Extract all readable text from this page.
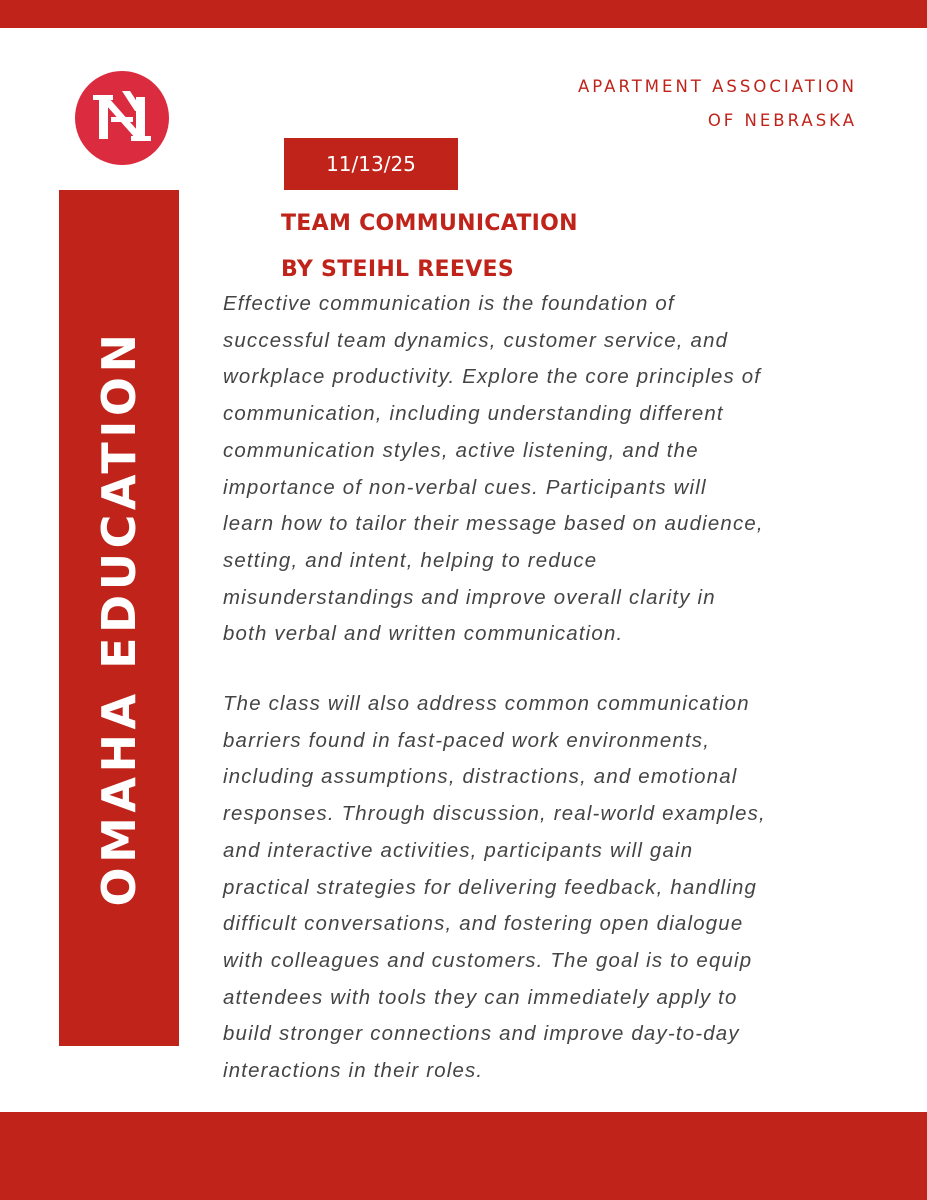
APARTMENT ASSOCIATION
OF NEBRASKA
11/13/25
OMAHA EDUCATION
TEAM COMMUNICATION
BY STEIHL REEVES
Effective communication is the foundation of
successful team dynamics, customer service, and
workplace productivity. Explore the core principles of
communication, including understanding different
communication styles, active listening, and the
importance of non-verbal cues. Participants will
learn how to tailor their message based on audience,
setting, and intent, helping to reduce
misunderstandings and improve overall clarity in
both verbal and written communication.
The class will also address common communication
barriers found in fast-paced work environments,
including assumptions, distractions, and emotional
responses. Through discussion, real-world examples,
and interactive activities, participants will gain
practical strategies for delivering feedback, handling
difficult conversations, and fostering open dialogue
with colleagues and customers. The goal is to equip
attendees with tools they can immediately apply to
build stronger connections and improve day-to-day
interactions in their roles.
